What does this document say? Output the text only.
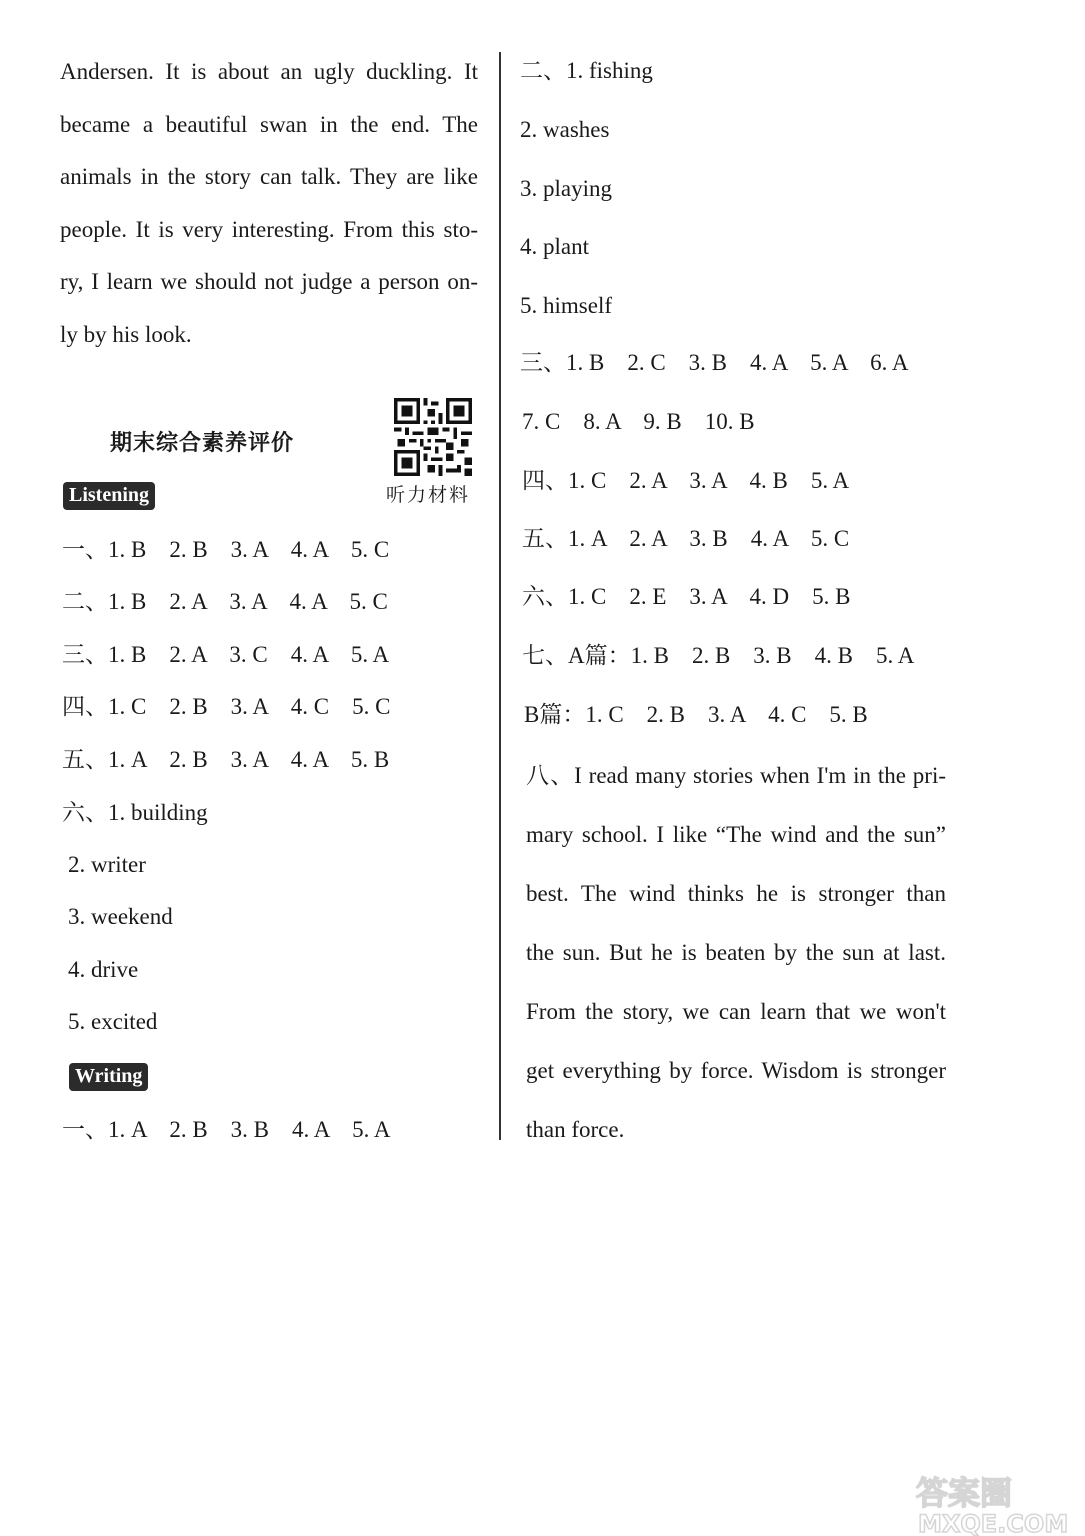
Andersen. It is about an ugly duckling. It
became a beautiful swan in the end. The
animals in the story can talk. They are like
people. It is very interesting. From this sto-
ry, I learn we should not judge a person on-
ly by his look.
期末综合素养评价
听力材料
Listening
一、1. B　2. B　3. A　4. A　5. C
二、1. B　2. A　3. A　4. A　5. C
三、1. B　2. A　3. C　4. A　5. A
四、1. C　2. B　3. A　4. C　5. C
五、1. A　2. B　3. A　4. A　5. B
六、1. building
2. writer
3. weekend
4. drive
5. excited
Writing
一、1. A　2. B　3. B　4. A　5. A
二、1. fishing
2. washes
3. playing
4. plant
5. himself
三、1. B　2. C　3. B　4. A　5. A　6. A
7. C　8. A　9. B　10. B
四、1. C　2. A　3. A　4. B　5. A
五、1. A　2. A　3. B　4. A　5. C
六、1. C　2. E　3. A　4. D　5. B
七、A篇：1. B　2. B　3. B　4. B　5. A
B篇：1. C　2. B　3. A　4. C　5. B
八、I read many stories when I'm in the pri-
mary school. I like “The wind and the sun”
best. The wind thinks he is stronger than
the sun. But he is beaten by the sun at last.
From the story, we can learn that we won't
get everything by force. Wisdom is stronger
than force.
答案圈
MXQE.COM
